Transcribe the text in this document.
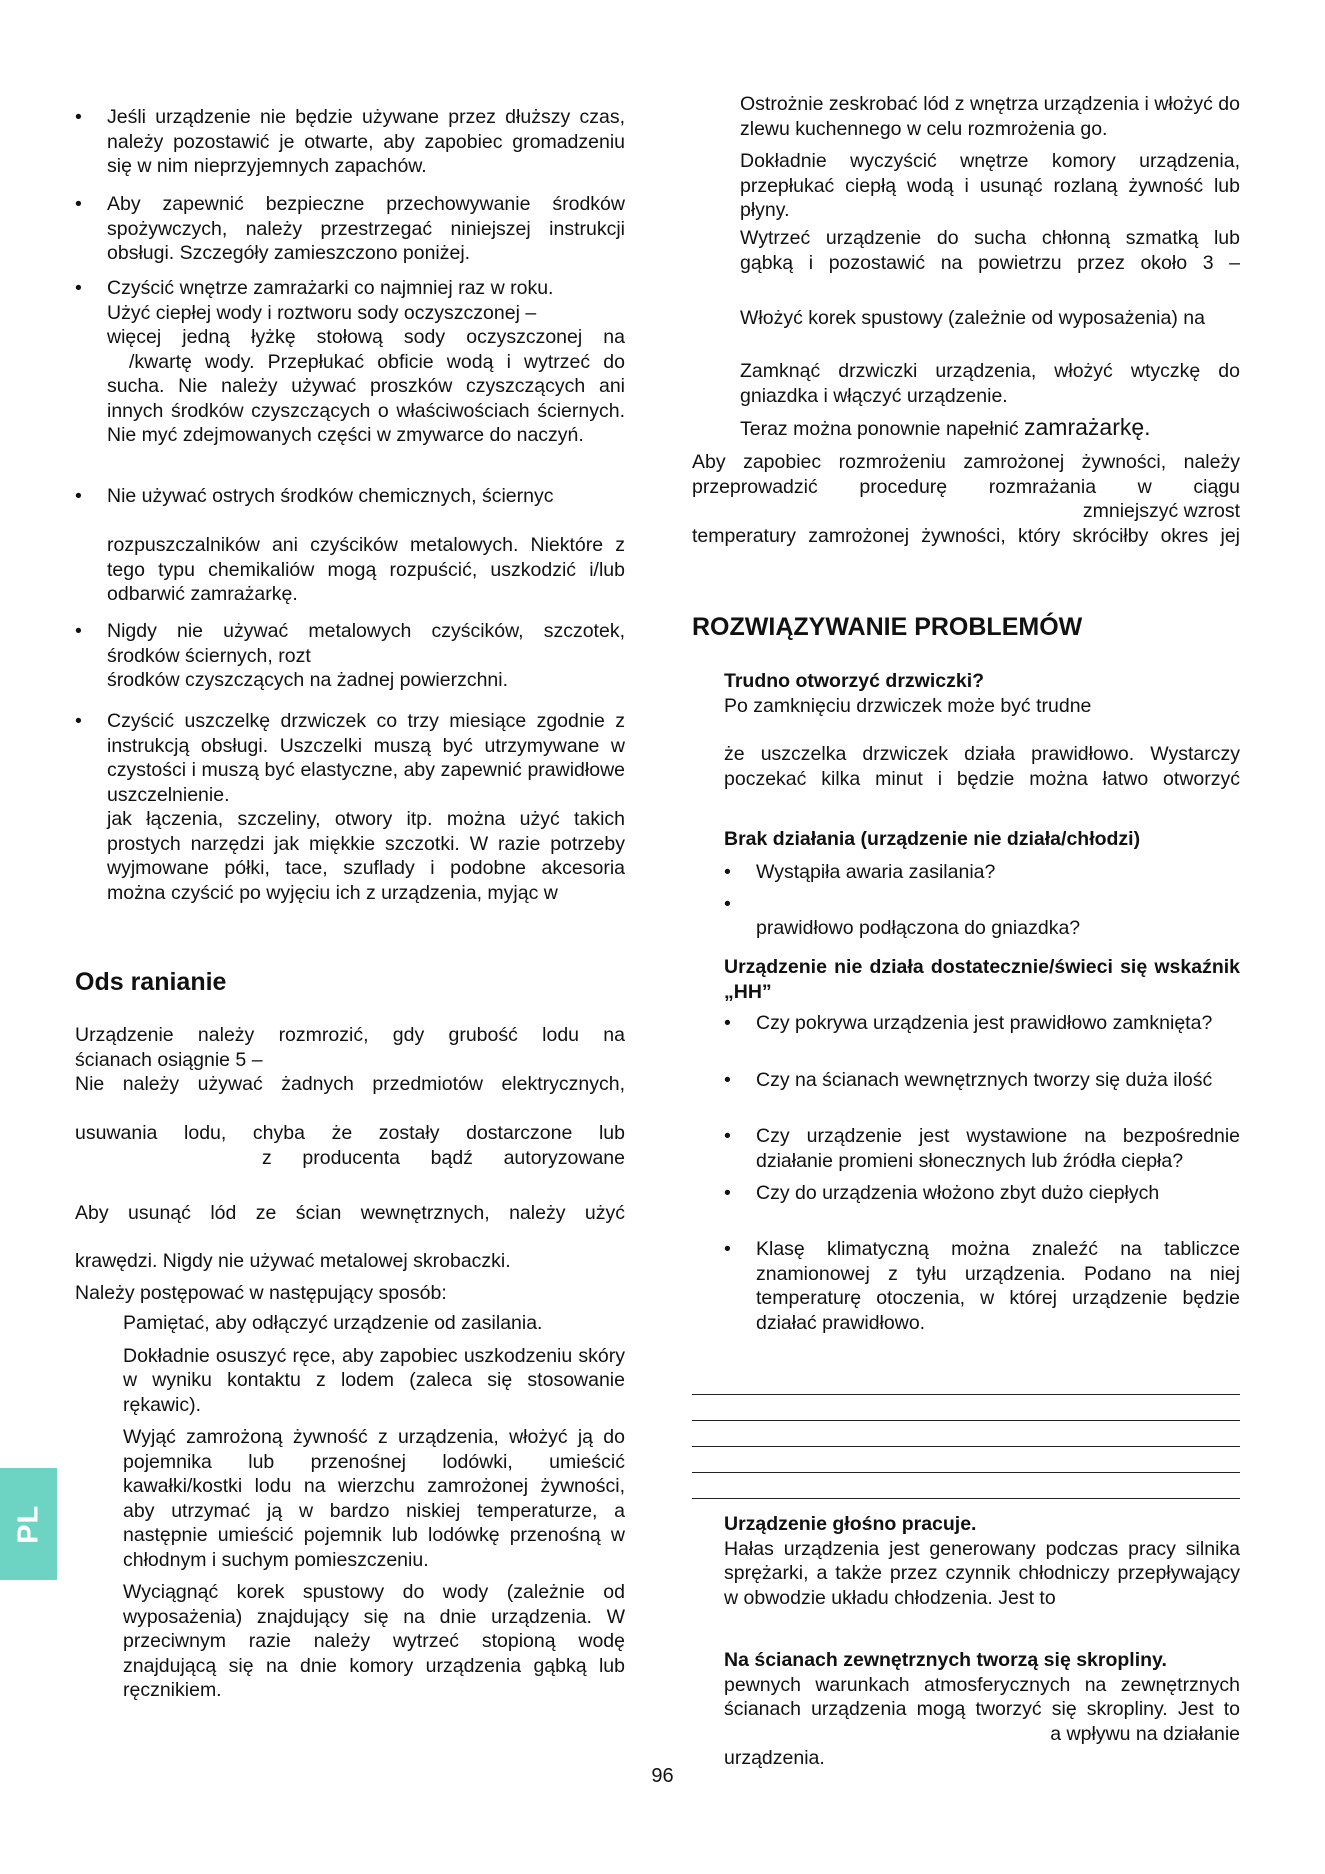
• Jeśli urządzenie nie będzie używane przez dłuższy czas, należy pozostawić je otwarte, aby zapobiec gromadzeniu się w nim nieprzyjemnych zapachów.
• Aby zapewnić bezpieczne przechowywanie środków spożywczych, należy przestrzegać niniejszej instrukcji obsługi. Szczegóły zamieszczono poniżej.
• Czyścić wnętrze zamrażarki co najmniej raz w roku.
Użyć ciepłej wody i roztworu sody oczyszczonej –
więcej jedną łyżkę stołową sody oczyszczonej na
/kwartę wody. Przepłukać obficie wodą i wytrzeć do
sucha. Nie należy używać proszków czyszczących ani innych środków czyszczących o właściwościach ściernych. Nie myć zdejmowanych części w zmywarce do naczyń.
• Nie używać ostrych środków chemicznych, ściernyc
rozpuszczalników ani czyścików metalowych. Niektóre z tego typu chemikaliów mogą rozpuścić, uszkodzić i/lub odbarwić zamrażarkę.
• Nigdy nie używać metalowych czyścików, szczotek,
środków ściernych, rozt
środków czyszczących na żadnej powierzchni.
• Czyścić uszczelkę drzwiczek co trzy miesiące zgodnie z instrukcją obsługi. Uszczelki muszą być utrzymywane w czystości i muszą być elastyczne, aby zapewnić prawidłowe uszczelnienie.
jak łączenia, szczeliny, otwory itp. można użyć takich prostych narzędzi jak miękkie szczotki. W razie potrzeby wyjmowane półki, tace, szuflady i podobne akcesoria można czyścić po wyjęciu ich z urządzenia, myjąc w
Ods ranianie
Urządzenie należy rozmrozić, gdy grubość lodu na
ścianach osiągnie 5 –
Nie należy używać żadnych przedmiotów elektrycznych,
usuwania lodu, chyba że zostały dostarczone lub
z producenta bądź autoryzowane
Aby usunąć lód ze ścian wewnętrznych, należy użyć
krawędzi. Nigdy nie używać metalowej skrobaczki.
Należy postępować w następujący sposób:
Pamiętać, aby odłączyć urządzenie od zasilania.
Dokładnie osuszyć ręce, aby zapobiec uszkodzeniu skóry w wyniku kontaktu z lodem (zaleca się stosowanie rękawic).
Wyjąć zamrożoną żywność z urządzenia, włożyć ją do pojemnika lub przenośnej lodówki, umieścić kawałki/kostki lodu na wierzchu zamrożonej żywności, aby utrzymać ją w bardzo niskiej temperaturze, a następnie umieścić pojemnik lub lodówkę przenośną w chłodnym i suchym pomieszczeniu.
Wyciągnąć korek spustowy do wody (zależnie od wyposażenia) znajdujący się na dnie urządzenia. W przeciwnym razie należy wytrzeć stopioną wodę znajdującą się na dnie komory urządzenia gąbką lub ręcznikiem.
Ostrożnie zeskrobać lód z wnętrza urządzenia i włożyć do zlewu kuchennego w celu rozmrożenia go.
Dokładnie wyczyścić wnętrze komory urządzenia, przepłukać ciepłą wodą i usunąć rozlaną żywność lub płyny.
Wytrzeć urządzenie do sucha chłonną szmatką lub
gąbką i pozostawić na powietrzu przez około 3 –
Włożyć korek spustowy (zależnie od wyposażenia) na
Zamknąć drzwiczki urządzenia, włożyć wtyczkę do gniazdka i włączyć urządzenie.
Teraz można ponownie napełnić zamrażarkę.
Aby zapobiec rozmrożeniu zamrożonej żywności, należy
przeprowadzić procedurę rozmrażania w ciągu
zmniejszyć wzrost
temperatury zamrożonej żywności, który skróciłby okres jej
ROZWIĄZYWANIE PROBLEMÓW
Trudno otworzyć drzwiczki?
Po zamknięciu drzwiczek może być trudne
że uszczelka drzwiczek działa prawidłowo. Wystarczy
poczekać kilka minut i będzie można łatwo otworzyć
Brak działania (urządzenie nie działa/chłodzi)
• Wystąpiła awaria zasilania?
•
prawidłowo podłączona do gniazdka?
Urządzenie nie działa dostatecznie/świeci się wskaźnik „HH”
• Czy pokrywa urządzenia jest prawidłowo zamknięta?
• Czy na ścianach wewnętrznych tworzy się duża ilość
• Czy urządzenie jest wystawione na bezpośrednie działanie promieni słonecznych lub źródła ciepła?
• Czy do urządzenia włożono zbyt dużo ciepłych
• Klasę klimatyczną można znaleźć na tabliczce znamionowej z tyłu urządzenia. Podano na niej temperaturę otoczenia, w której urządzenie będzie działać prawidłowo.
Urządzenie głośno pracuje.
Hałas urządzenia jest generowany podczas pracy silnika sprężarki, a także przez czynnik chłodniczy przepływający w obwodzie układu chłodzenia. Jest to
Na ścianach zewnętrznych tworzą się skropliny.
pewnych warunkach atmosferycznych na zewnętrznych
ścianach urządzenia mogą tworzyć się skropliny. Jest to
a wpływu na działanie
urządzenia.
PL
96
